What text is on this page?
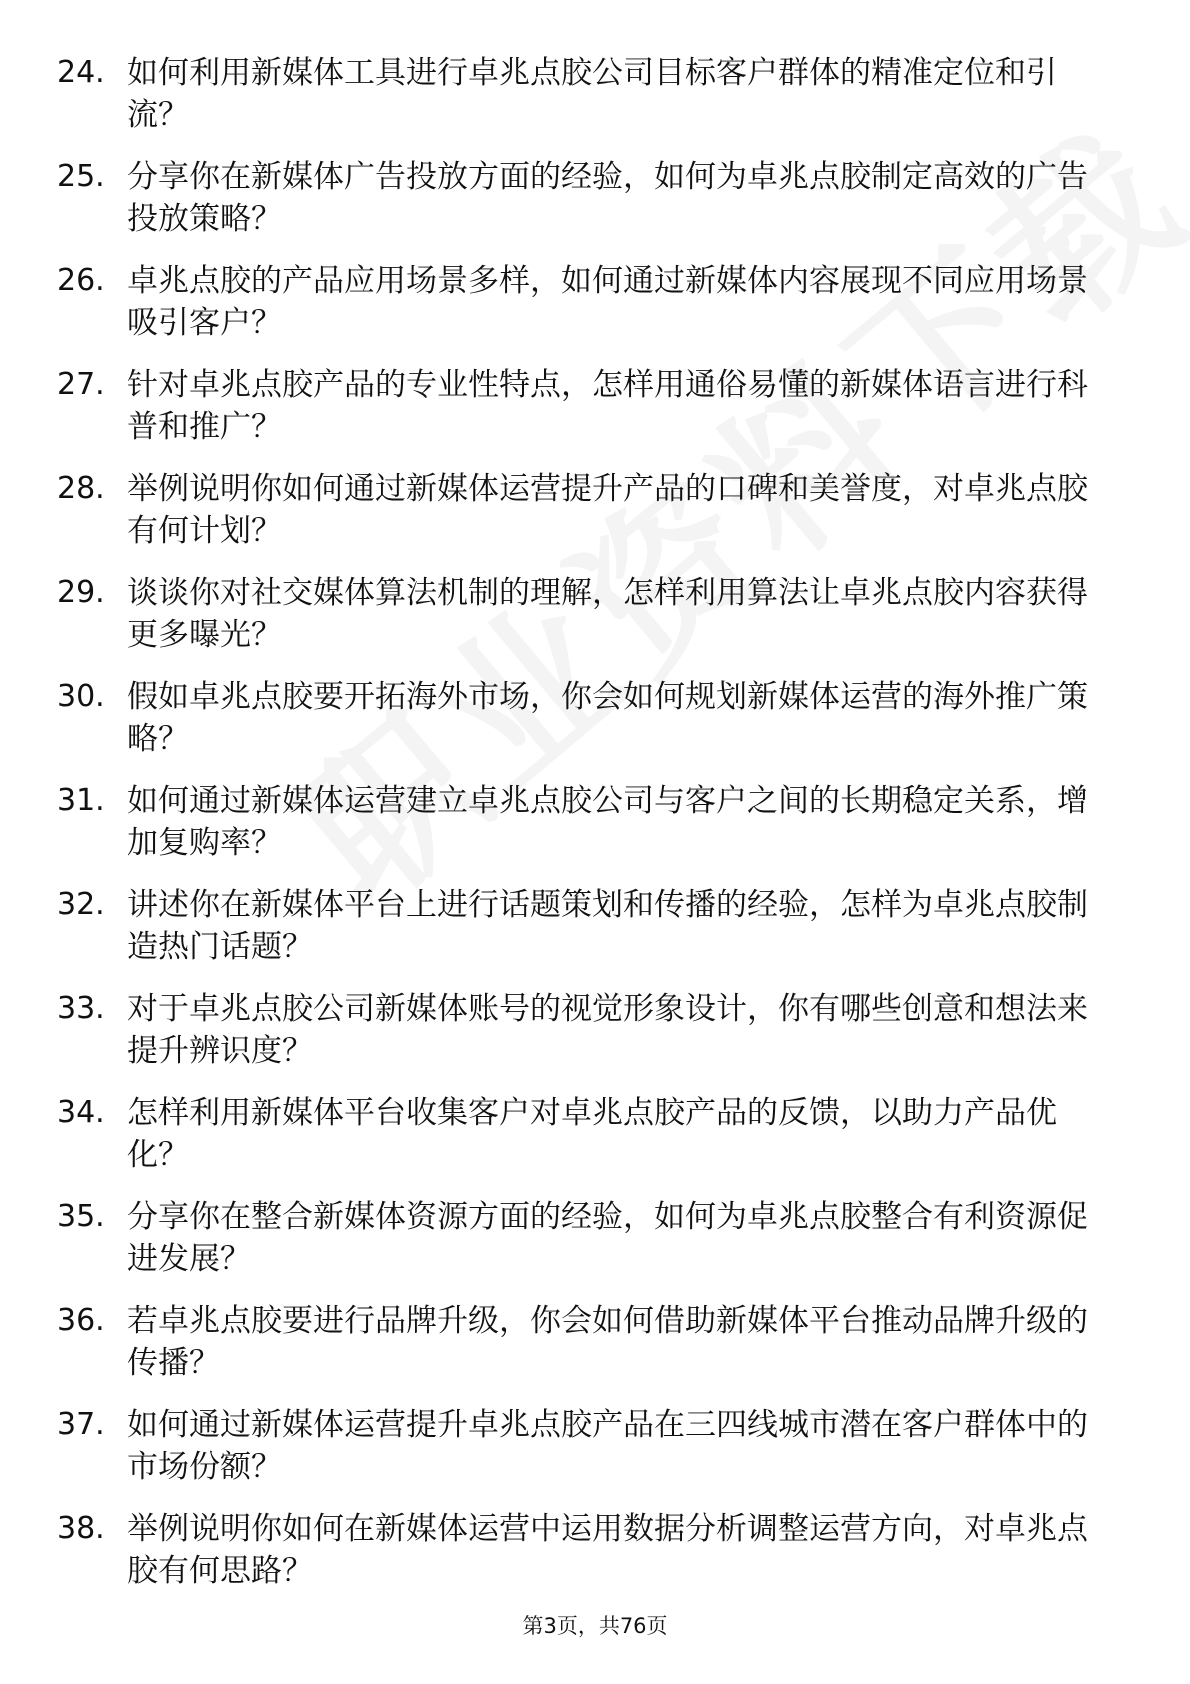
24. 如何利用新媒体工具进行卓兆点胶公司目标客户群体的精准定位和引流？
25. 分享你在新媒体广告投放方面的经验，如何为卓兆点胶制定高效的广告投放策略？
26. 卓兆点胶的产品应用场景多样，如何通过新媒体内容展现不同应用场景吸引客户？
27. 针对卓兆点胶产品的专业性特点，怎样用通俗易懂的新媒体语言进行科普和推广？
28. 举例说明你如何通过新媒体运营提升产品的口碑和美誉度，对卓兆点胶有何计划？
29. 谈谈你对社交媒体算法机制的理解，怎样利用算法让卓兆点胶内容获得更多曝光？
30. 假如卓兆点胶要开拓海外市场，你会如何规划新媒体运营的海外推广策略？
31. 如何通过新媒体运营建立卓兆点胶公司与客户之间的长期稳定关系，增加复购率？
32. 讲述你在新媒体平台上进行话题策划和传播的经验，怎样为卓兆点胶制造热门话题？
33. 对于卓兆点胶公司新媒体账号的视觉形象设计，你有哪些创意和想法来提升辨识度？
34. 怎样利用新媒体平台收集客户对卓兆点胶产品的反馈，以助力产品优化？
35. 分享你在整合新媒体资源方面的经验，如何为卓兆点胶整合有利资源促进发展？
36. 若卓兆点胶要进行品牌升级，你会如何借助新媒体平台推动品牌升级的传播？
37. 如何通过新媒体运营提升卓兆点胶产品在三四线城市潜在客户群体中的市场份额？
38. 举例说明你如何在新媒体运营中运用数据分析调整运营方向，对卓兆点胶有何思路？
第3页，共76页
